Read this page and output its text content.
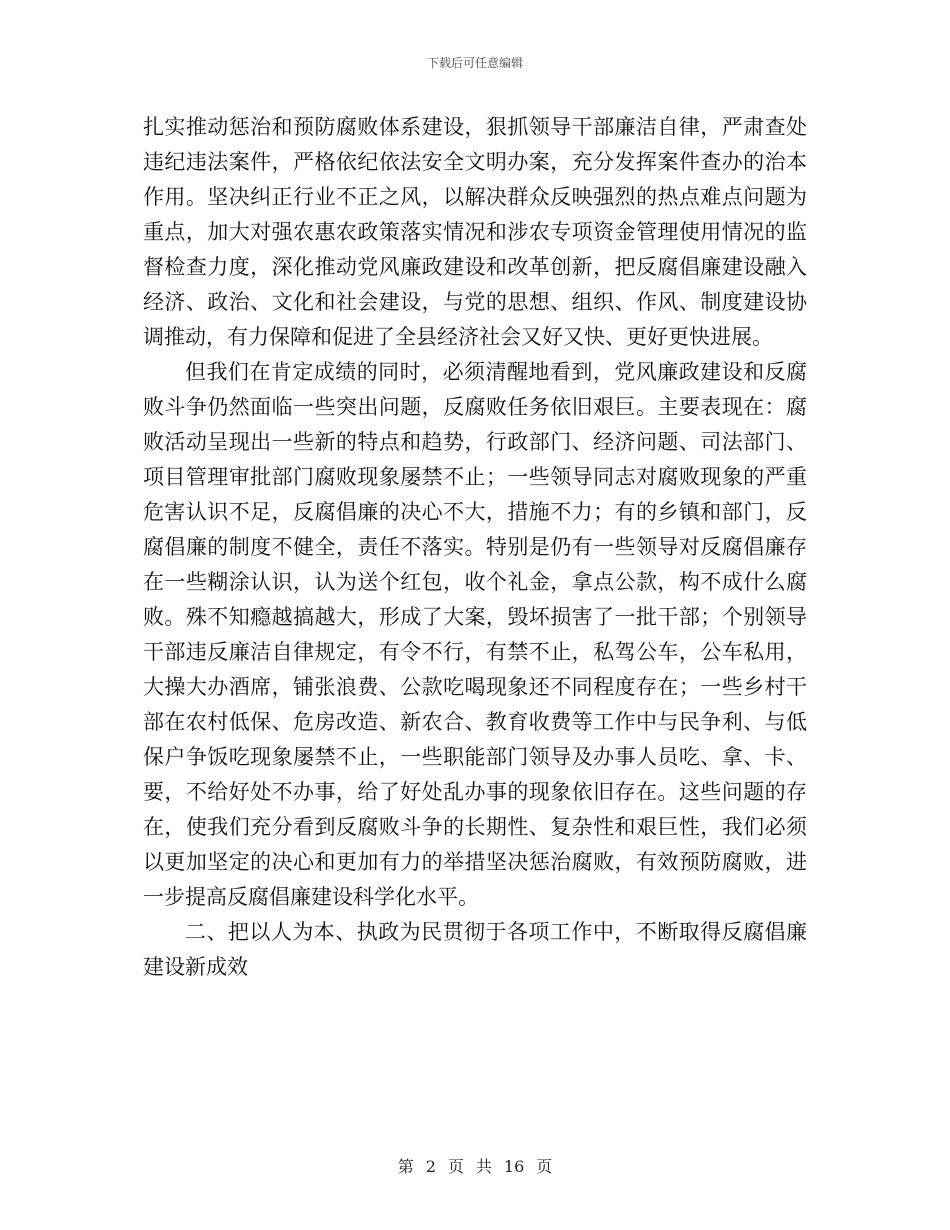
下载后可任意编辑

扎实推动惩治和预防腐败体系建设，狠抓领导干部廉洁自律，严肃查处违纪违法案件，严格依纪依法安全文明办案，充分发挥案件查办的治本作用。坚决纠正行业不正之风，以解决群众反映强烈的热点难点问题为重点，加大对强农惠农政策落实情况和涉农专项资金管理使用情况的监督检查力度，深化推动党风廉政建设和改革创新，把反腐倡廉建设融入经济、政治、文化和社会建设，与党的思想、组织、作风、制度建设协调推动，有力保障和促进了全县经济社会又好又快、更好更快进展。

但我们在肯定成绩的同时，必须清醒地看到，党风廉政建设和反腐败斗争仍然面临一些突出问题，反腐败任务依旧艰巨。主要表现在：腐败活动呈现出一些新的特点和趋势，行政部门、经济问题、司法部门、项目管理审批部门腐败现象屡禁不止；一些领导同志对腐败现象的严重危害认识不足，反腐倡廉的决心不大，措施不力；有的乡镇和部门，反腐倡廉的制度不健全，责任不落实。特别是仍有一些领导对反腐倡廉存在一些糊涂认识，认为送个红包，收个礼金，拿点公款，构不成什么腐败。殊不知瘾越搞越大，形成了大案，毁坏损害了一批干部；个别领导干部违反廉洁自律规定，有令不行，有禁不止，私驾公车，公车私用，大操大办酒席，铺张浪费、公款吃喝现象还不同程度存在；一些乡村干部在农村低保、危房改造、新农合、教育收费等工作中与民争利、与低保户争饭吃现象屡禁不止，一些职能部门领导及办事人员吃、拿、卡、要，不给好处不办事，给了好处乱办事的现象依旧存在。这些问题的存在，使我们充分看到反腐败斗争的长期性、复杂性和艰巨性，我们必须以更加坚定的决心和更加有力的举措坚决惩治腐败，有效预防腐败，进一步提高反腐倡廉建设科学化水平。

二、把以人为本、执政为民贯彻于各项工作中，不断取得反腐倡廉建设新成效

第 2 页 共 16 页
